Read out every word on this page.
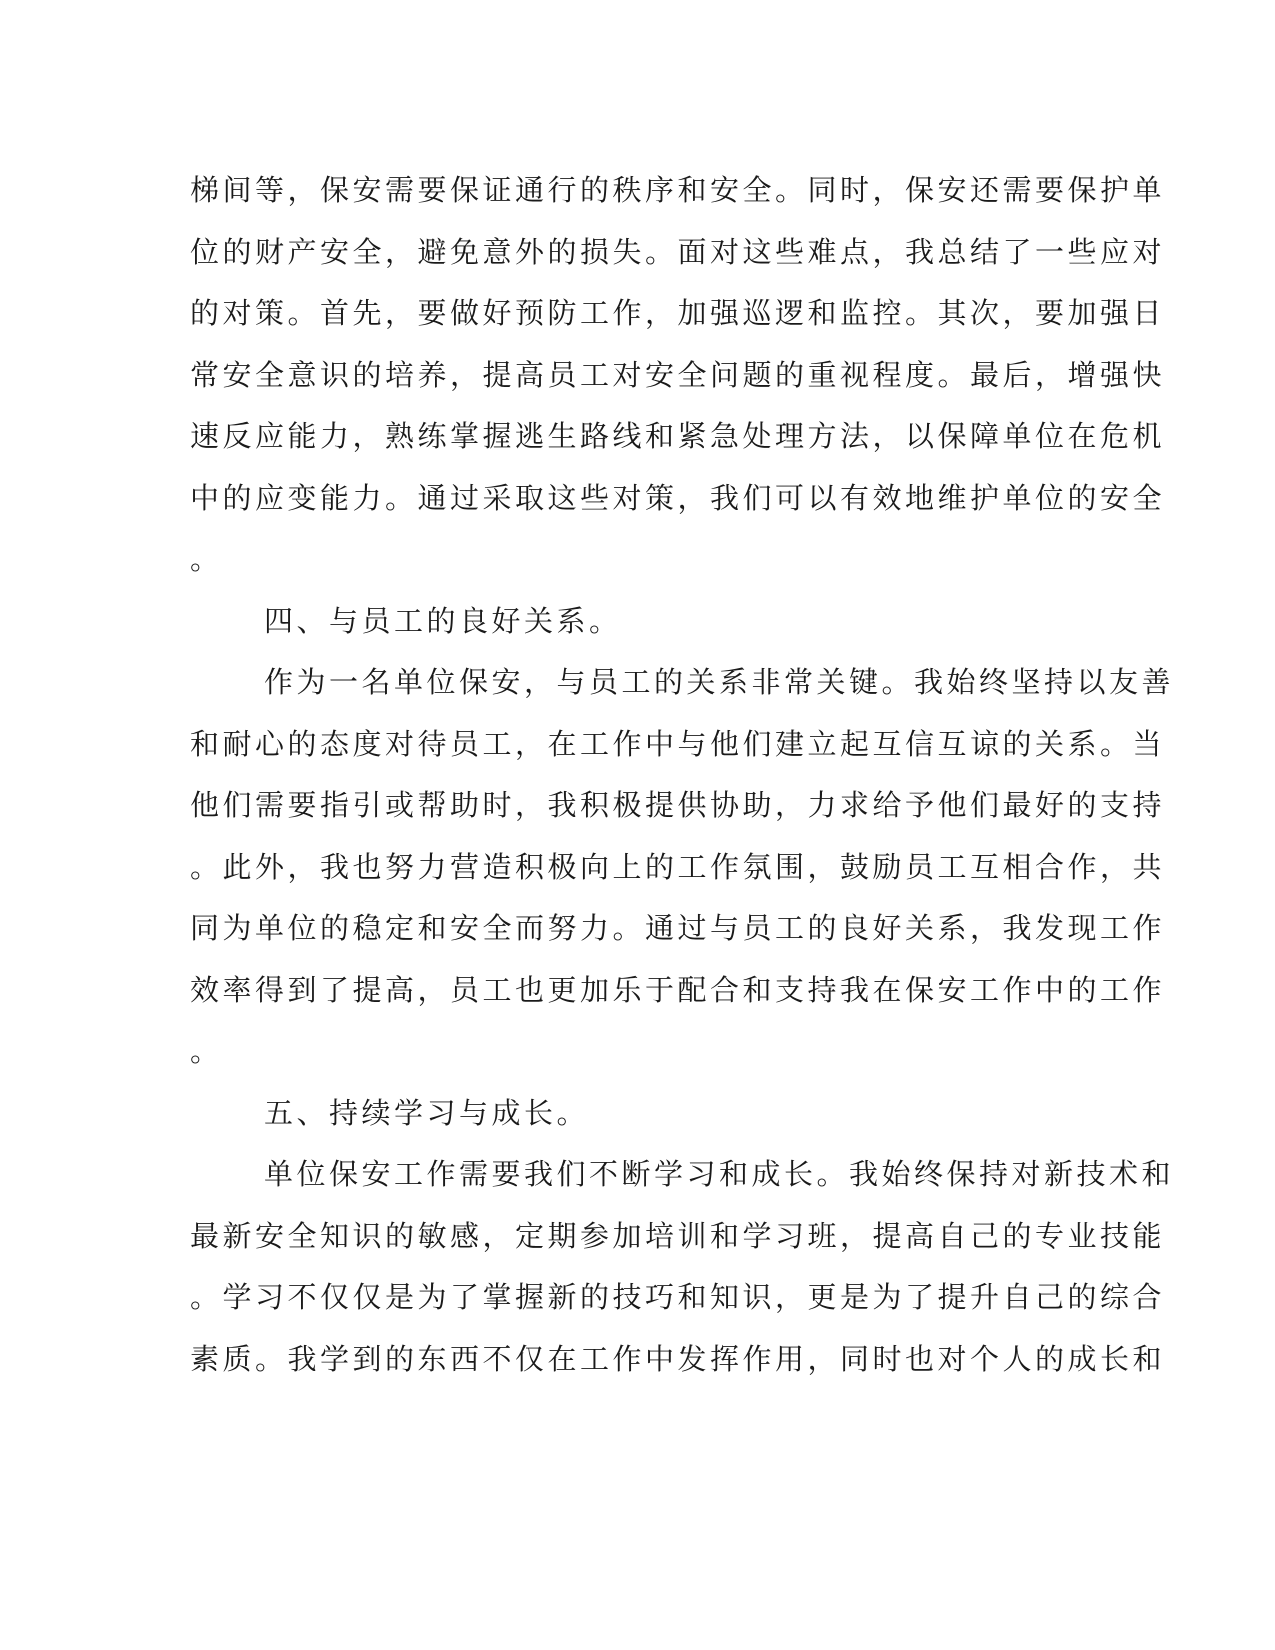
梯间等，保安需要保证通行的秩序和安全。同时，保安还需要保护单
位的财产安全，避免意外的损失。面对这些难点，我总结了一些应对
的对策。首先，要做好预防工作，加强巡逻和监控。其次，要加强日
常安全意识的培养，提高员工对安全问题的重视程度。最后，增强快
速反应能力，熟练掌握逃生路线和紧急处理方法，以保障单位在危机
中的应变能力。通过采取这些对策，我们可以有效地维护单位的安全
。
四、与员工的良好关系。
作为一名单位保安，与员工的关系非常关键。我始终坚持以友善
和耐心的态度对待员工，在工作中与他们建立起互信互谅的关系。当
他们需要指引或帮助时，我积极提供协助，力求给予他们最好的支持
。此外，我也努力营造积极向上的工作氛围，鼓励员工互相合作，共
同为单位的稳定和安全而努力。通过与员工的良好关系，我发现工作
效率得到了提高，员工也更加乐于配合和支持我在保安工作中的工作
。
五、持续学习与成长。
单位保安工作需要我们不断学习和成长。我始终保持对新技术和
最新安全知识的敏感，定期参加培训和学习班，提高自己的专业技能
。学习不仅仅是为了掌握新的技巧和知识，更是为了提升自己的综合
素质。我学到的东西不仅在工作中发挥作用，同时也对个人的成长和
